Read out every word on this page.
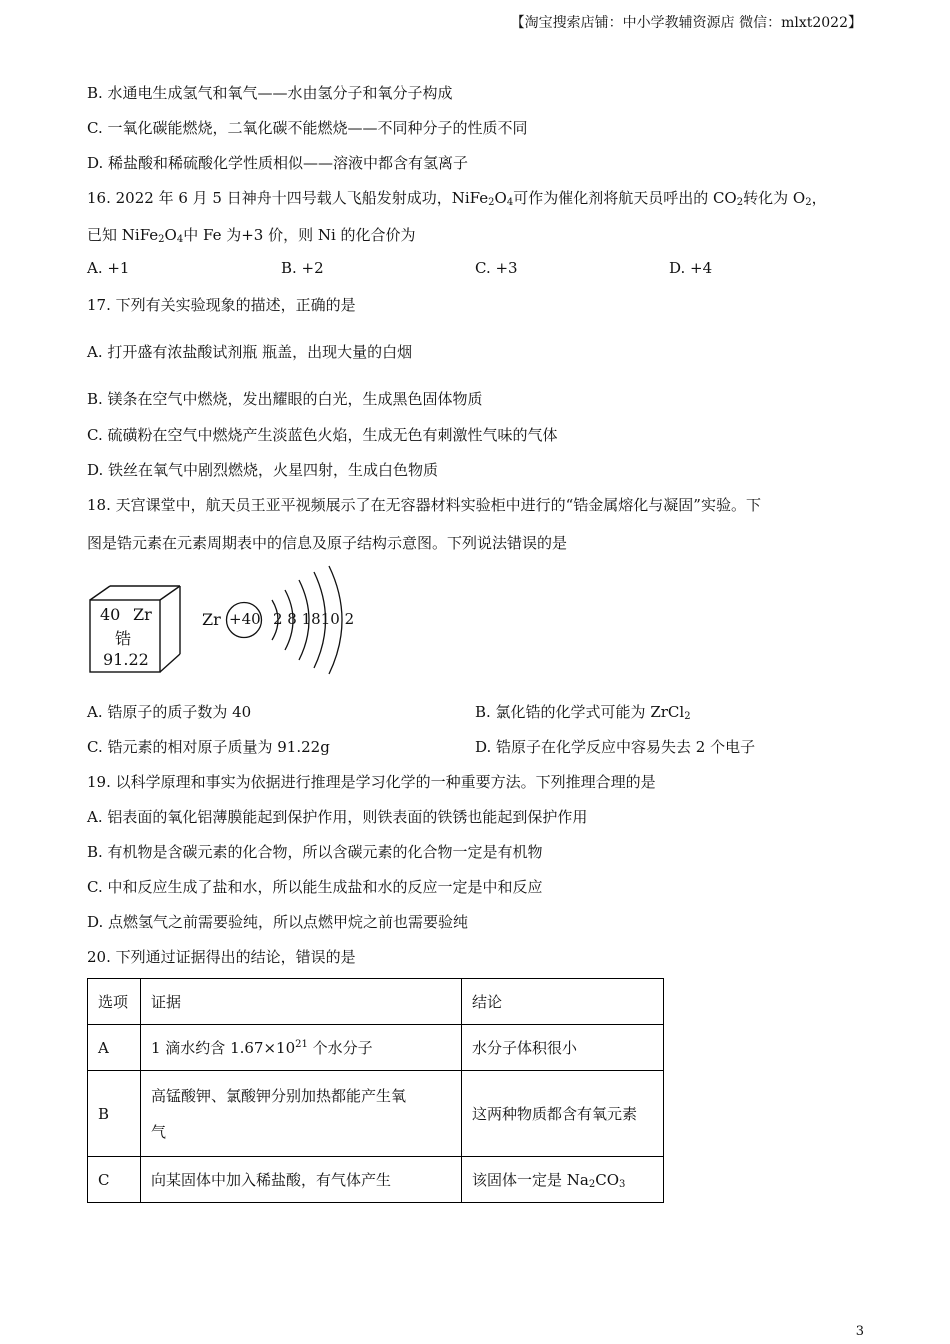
【淘宝搜索店铺：中小学教辅资源店 微信：mlxt2022】
B. 水通电生成氢气和氧气——水由氢分子和氧分子构成
C. 一氧化碳能燃烧，二氧化碳不能燃烧——不同种分子的性质不同
D. 稀盐酸和稀硫酸化学性质相似——溶液中都含有氢离子
16. 2022 年 6 月 5 日神舟十四号载人飞船发射成功，$NiFe_2O_4$可作为催化剂将航天员呼出的 $CO_2$转化为 $O_2$，
已知 $NiFe_2O_4$中 Fe 为+3 价，则 Ni 的化合价为
A. +1	B. +2	C. +3	D. +4
17. 下列有关实验现象的描述，正确的是
A. 打开盛有浓盐酸试剂瓶 瓶盖，出现大量的白烟
B. 镁条在空气中燃烧，发出耀眼的白光，生成黑色固体物质
C. 硫磺粉在空气中燃烧产生淡蓝色火焰，生成无色有刺激性气味的气体
D. 铁丝在氧气中剧烈燃烧，火星四射，生成白色物质
18. 天宫课堂中，航天员王亚平视频展示了在无容器材料实验柜中进行的“锆金属熔化与凝固”实验。下
图是锆元素在元素周期表中的信息及原子结构示意图。下列说法错误的是
40 Zr
锆
91.22
Zr +40 2 8 1810 2
A. 锆原子的质子数为 40	B. 氯化锆的化学式可能为 ZrCl$_2$
C. 锆元素的相对原子质量为 91.22g	D. 锆原子在化学反应中容易失去 2 个电子
19. 以科学原理和事实为依据进行推理是学习化学的一种重要方法。下列推理合理的是
A. 铝表面的氧化铝薄膜能起到保护作用，则铁表面的铁锈也能起到保护作用
B. 有机物是含碳元素的化合物，所以含碳元素的化合物一定是有机物
C. 中和反应生成了盐和水，所以能生成盐和水的反应一定是中和反应
D. 点燃氢气之前需要验纯，所以点燃甲烷之前也需要验纯
20. 下列通过证据得出的结论，错误的是
选项	证据	结论
A	1 滴水约含 $1.67\times 10^{21}$ 个水分子	水分子体积很小
B	高锰酸钾、氯酸钾分别加热都能产生氧
气	这两种物质都含有氧元素
C	向某固体中加入稀盐酸，有气体产生	该固体一定是 $Na_2CO_3$
3
